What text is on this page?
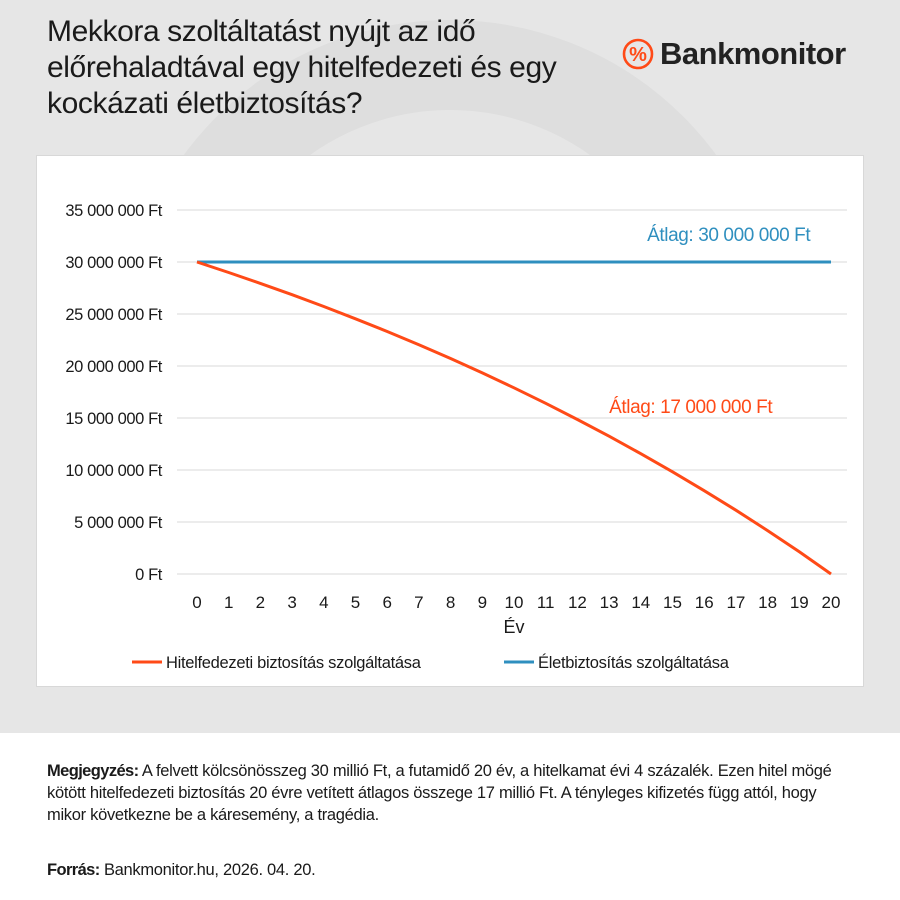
Mekkora szoltáltatást nyújt az idő előrehaladtával egy hitelfedezeti és egy kockázati életbiztosítás?
% Bankmonitor
0 Ft
5 000 000 Ft
10 000 000 Ft
15 000 000 Ft
20 000 000 Ft
25 000 000 Ft
30 000 000 Ft
35 000 000 Ft
0 1 2 3 4 5 6 7 8 9 10 11 12 13 14 15 16 17 18 19 20
Év
Átlag: 30 000 000 Ft
Átlag: 17 000 000 Ft
Hitelfedezeti biztosítás szolgáltatása	Életbiztosítás szolgáltatása
Megjegyzés: A felvett kölcsönösszeg 30 millió Ft, a futamidő 20 év, a hitelkamat évi 4 százalék. Ezen hitel mögé kötött hitelfedezeti biztosítás 20 évre vetített átlagos összege 17 millió Ft. A tényleges kifizetés függ attól, hogy mikor következne be a káresemény, a tragédia.
Forrás: Bankmonitor.hu, 2026. 04. 20.
